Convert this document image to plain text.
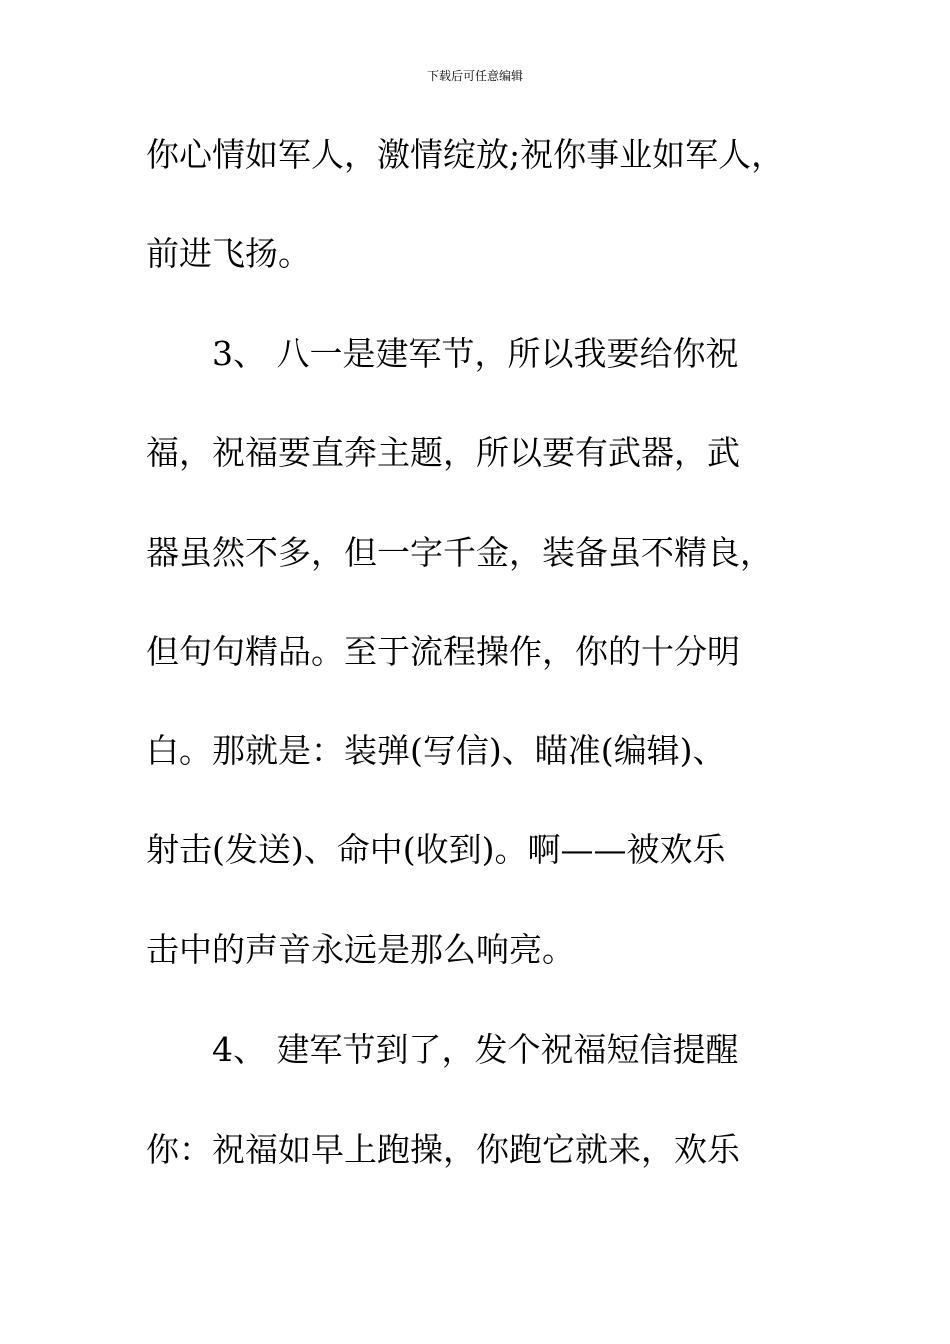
下载后可任意编辑
你心情如军人，激情绽放;祝你事业如军人，
前进飞扬。
3、 八一是建军节，所以我要给你祝
福，祝福要直奔主题，所以要有武器，武
器虽然不多，但一字千金，装备虽不精良，
但句句精品。至于流程操作，你的十分明
白。那就是：装弹(写信)、瞄准(编辑)、
射击(发送)、命中(收到)。啊——被欢乐
击中的声音永远是那么响亮。
4、 建军节到了，发个祝福短信提醒
你：祝福如早上跑操，你跑它就来，欢乐
